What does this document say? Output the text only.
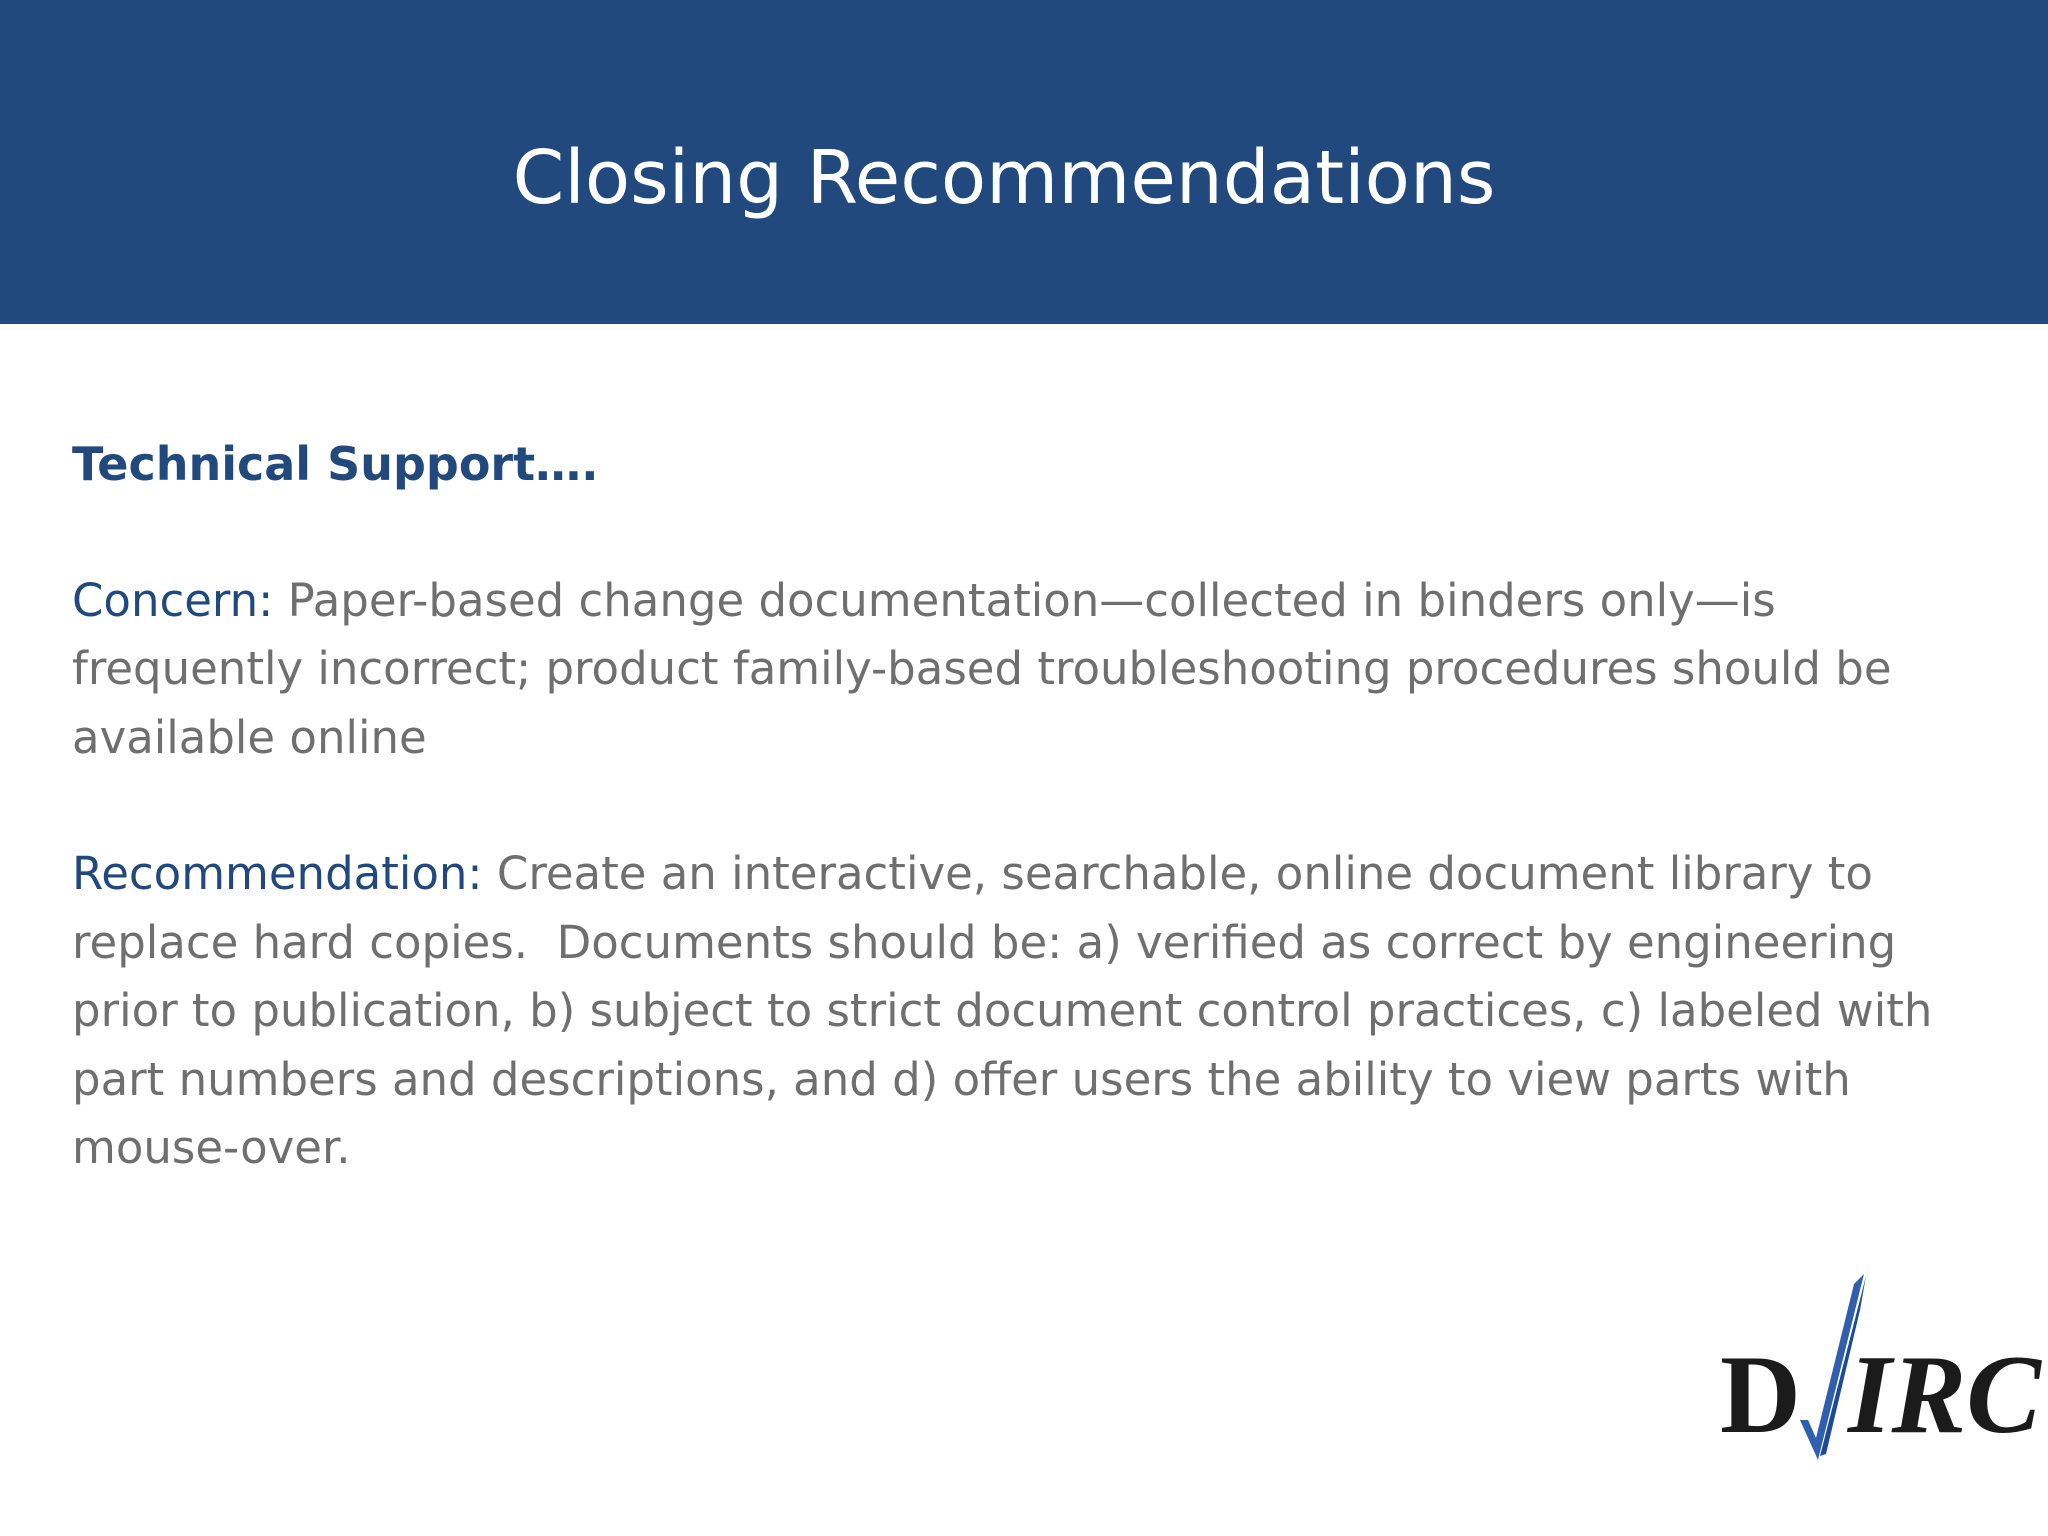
Closing Recommendations

Technical Support….

Concern: Paper-based change documentation—collected in binders only—is frequently incorrect; product family-based troubleshooting procedures should be available online

Recommendation: Create an interactive, searchable, online document library to replace hard copies.  Documents should be: a) verified as correct by engineering prior to publication, b) subject to strict document control practices, c) labeled with part numbers and descriptions, and d) offer users the ability to view parts with mouse-over.

D IRC
